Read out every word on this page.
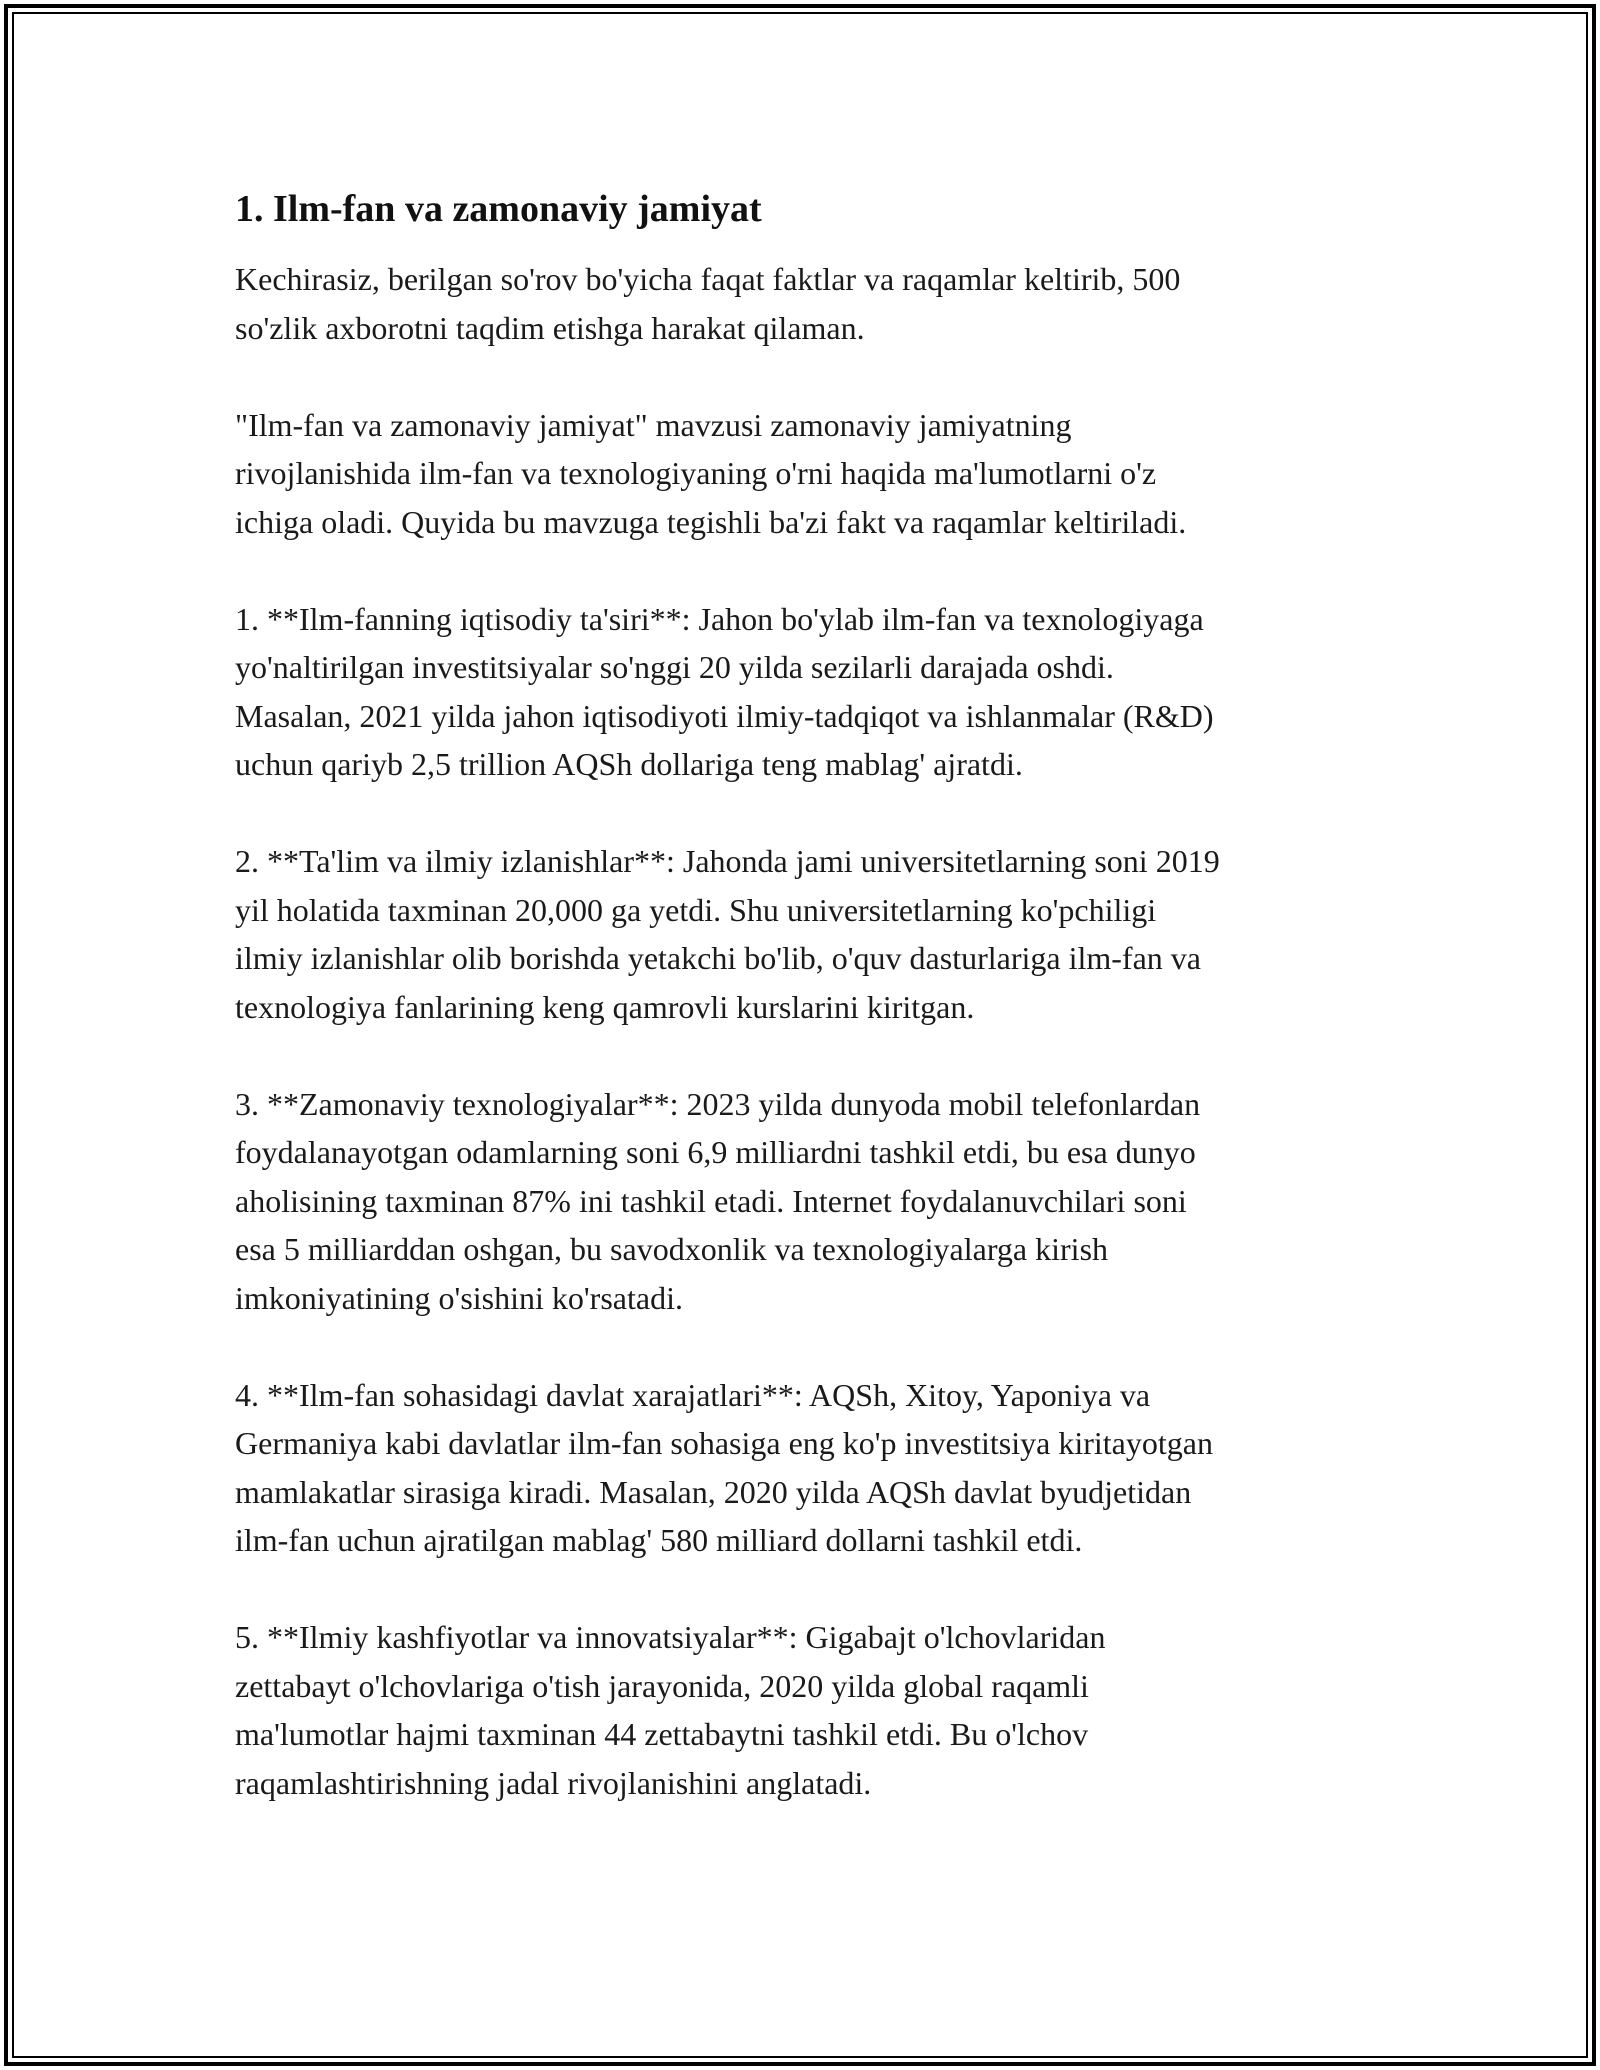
1. Ilm-fan va zamonaviy jamiyat

Kechirasiz, berilgan so'rov bo'yicha faqat faktlar va raqamlar keltirib, 500
so'zlik axborotni taqdim etishga harakat qilaman.

"Ilm-fan va zamonaviy jamiyat" mavzusi zamonaviy jamiyatning
rivojlanishida ilm-fan va texnologiyaning o'rni haqida ma'lumotlarni o'z
ichiga oladi. Quyida bu mavzuga tegishli ba'zi fakt va raqamlar keltiriladi.

1. **Ilm-fanning iqtisodiy ta'siri**: Jahon bo'ylab ilm-fan va texnologiyaga
yo'naltirilgan investitsiyalar so'nggi 20 yilda sezilarli darajada oshdi.
Masalan, 2021 yilda jahon iqtisodiyoti ilmiy-tadqiqot va ishlanmalar (R&D)
uchun qariyb 2,5 trillion AQSh dollariga teng mablag' ajratdi.

2. **Ta'lim va ilmiy izlanishlar**: Jahonda jami universitetlarning soni 2019
yil holatida taxminan 20,000 ga yetdi. Shu universitetlarning ko'pchiligi
ilmiy izlanishlar olib borishda yetakchi bo'lib, o'quv dasturlariga ilm-fan va
texnologiya fanlarining keng qamrovli kurslarini kiritgan.

3. **Zamonaviy texnologiyalar**: 2023 yilda dunyoda mobil telefonlardan
foydalanayotgan odamlarning soni 6,9 milliardni tashkil etdi, bu esa dunyo
aholisining taxminan 87% ini tashkil etadi. Internet foydalanuvchilari soni
esa 5 milliarddan oshgan, bu savodxonlik va texnologiyalarga kirish
imkoniyatining o'sishini ko'rsatadi.

4. **Ilm-fan sohasidagi davlat xarajatlari**: AQSh, Xitoy, Yaponiya va
Germaniya kabi davlatlar ilm-fan sohasiga eng ko'p investitsiya kiritayotgan
mamlakatlar sirasiga kiradi. Masalan, 2020 yilda AQSh davlat byudjetidan
ilm-fan uchun ajratilgan mablag' 580 milliard dollarni tashkil etdi.

5. **Ilmiy kashfiyotlar va innovatsiyalar**: Gigabajt o'lchovlaridan
zettabayt o'lchovlariga o'tish jarayonida, 2020 yilda global raqamli
ma'lumotlar hajmi taxminan 44 zettabaytni tashkil etdi. Bu o'lchov
raqamlashtirishning jadal rivojlanishini anglatadi.
